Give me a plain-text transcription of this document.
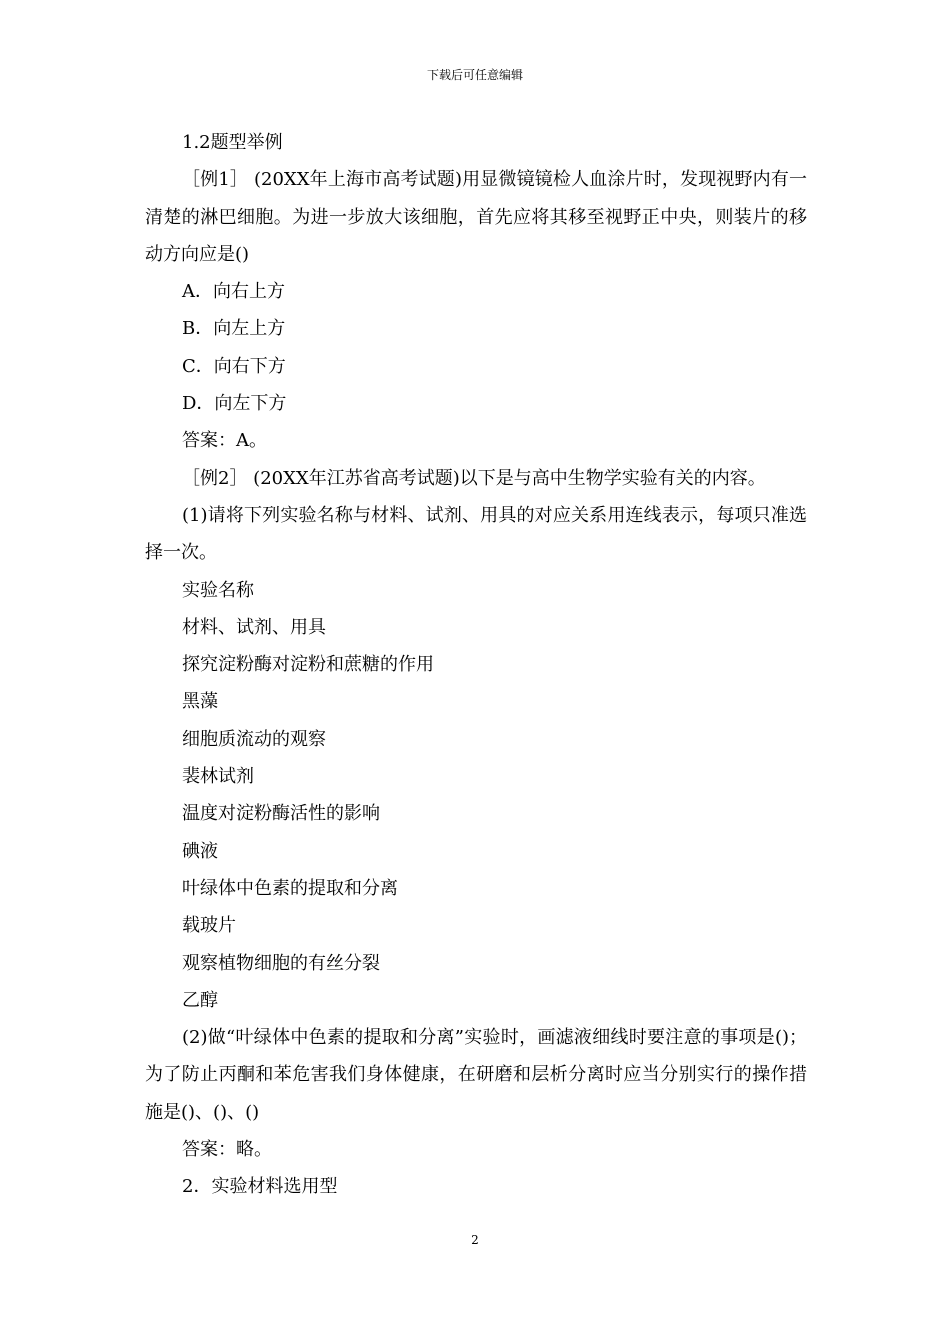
下载后可任意编辑

1.2题型举例

［例1］ (20XX年上海市高考试题)用显微镜镜检人血涂片时，发现视野内有一清楚的淋巴细胞。为进一步放大该细胞，首先应将其移至视野正中央，则装片的移动方向应是()

A．向右上方

B．向左上方

C．向右下方

D．向左下方

答案：A。

［例2］ (20XX年江苏省高考试题)以下是与高中生物学实验有关的内容。

(1)请将下列实验名称与材料、试剂、用具的对应关系用连线表示，每项只准选择一次。

实验名称

材料、试剂、用具

探究淀粉酶对淀粉和蔗糖的作用

黑藻

细胞质流动的观察

裴林试剂

温度对淀粉酶活性的影响

碘液

叶绿体中色素的提取和分离

载玻片

观察植物细胞的有丝分裂

乙醇

(2)做“叶绿体中色素的提取和分离”实验时，画滤液细线时要注意的事项是()；为了防止丙酮和苯危害我们身体健康，在研磨和层析分离时应当分别实行的操作措施是()、()、()

答案：略。

2．实验材料选用型

2
